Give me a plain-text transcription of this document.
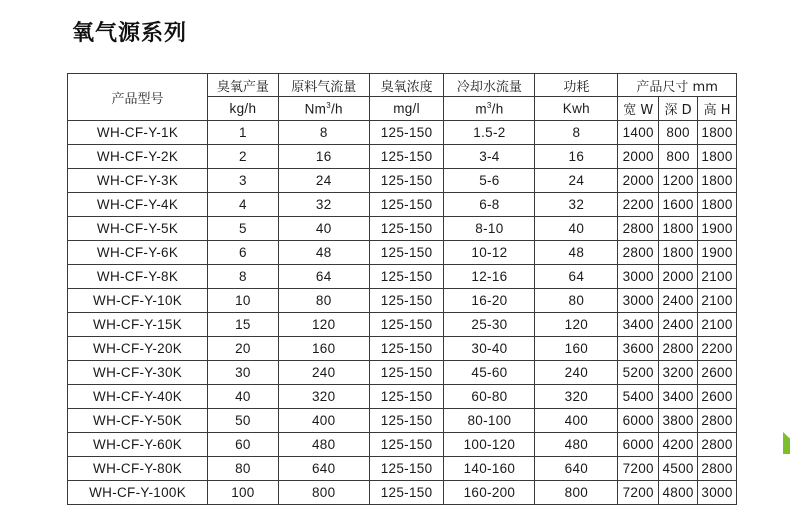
氧气源系列
产品型号	臭氧产量	原料气流量	臭氧浓度	冷却水流量	功耗	产品尺寸 mm		
	kg/h	Nm$^3$/h	mg/l	$m^3/h$	Kwh	宽 W	深 D	高 H
WH-CF-Y-1K	1	8	125-150	1.5-2	8	1400	800	1800
WH-CF-Y-2K	2	16	125-150	3-4	16	2000	800	1800
WH-CF-Y-3K	3	24	125-150	5-6	24	2000	1200	1800
WH-CF-Y-4K	4	32	125-150	6-8	32	2200	1600	1800
WH-CF-Y-5K	5	40	125-150	8-10	40	2800	1800	1900
WH-CF-Y-6K	6	48	125-150	10-12	48	2800	1800	1900
WH-CF-Y-8K	8	64	125-150	12-16	64	3000	2000	2100
WH-CF-Y-10K	10	80	125-150	16-20	80	3000	2400	2100
WH-CF-Y-15K	15	120	125-150	25-30	120	3400	2400	2100
WH-CF-Y-20K	20	160	125-150	30-40	160	3600	2800	2200
WH-CF-Y-30K	30	240	125-150	45-60	240	5200	3200	2600
WH-CF-Y-40K	40	320	125-150	60-80	320	5400	3400	2600
WH-CF-Y-50K	50	400	125-150	80-100	400	6000	3800	2800
WH-CF-Y-60K	60	480	125-150	100-120	480	6000	4200	2800
WH-CF-Y-80K	80	640	125-150	140-160	640	7200	4500	2800
WH-CF-Y-100K	100	800	125-150	160-200	800	7200	4800	3000
